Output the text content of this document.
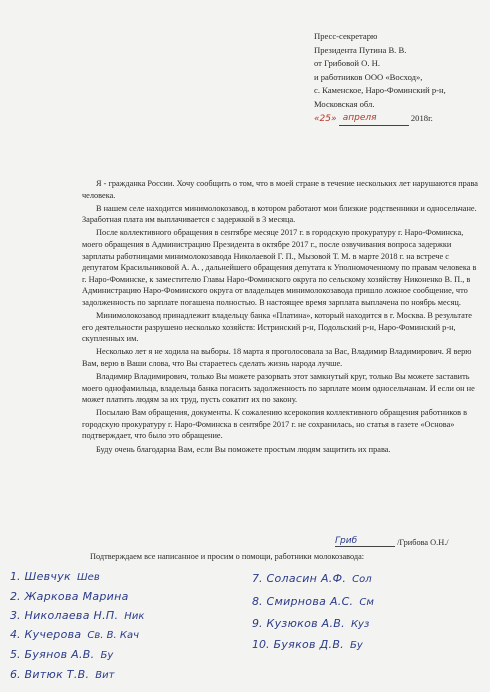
Пресс-секретарю
Президента Путина В. В.
от Грибовой О. Н.
и работников ООО «Восход»,
с. Каменское, Наро-Фоминский р-н,
Московская обл.
«25» апреля	2018г.

Я - гражданка России. Хочу сообщить о том, что в моей стране в течение нескольких лет нарушаются права человека.

В нашем селе находится минимолокозавод, в котором работают мои близкие родственники и односельчане. Заработная плата им выплачивается с задержкой в 3 месяца.

После коллективного обращения в сентябре месяце 2017 г. в городскую прокуратуру г. Наро-Фоминска, моего обращения в Администрацию Президента в октябре 2017 г., после озвучивания вопроса задержки зарплаты работницами минимолокозавода Николаевой Г. П., Мызовой Т. М. в марте 2018 г. на встрече с депутатом Красильниковой А. А. , дальнейшего обращения депутата к Уполномоченному по правам человека в г. Наро-Фоминске, к заместителю Главы Наро-Фоминского округа по сельскому хозяйству Никоненко В. П., в Администрацию Наро-Фоминского округа от владельцев минимолокозавода пришло ложное сообщение, что задолженность по зарплате погашена полностью. В настоящее время зарплата выплачена по ноябрь месяц.

Минимолокозавод принадлежит владельцу банка «Платина», который находится в г. Москва. В результате его деятельности разрушено несколько хозяйств: Истринский р-н, Подольский р-н, Наро-Фоминский р-н, скупленных им.

Несколько лет я не ходила на выборы. 18 марта я проголосовала за Вас, Владимир Владимирович. Я верю Вам, верю в Ваши слова, что Вы стараетесь сделать жизнь народа лучше.

Владимир Владимирович, только Вы можете разорвать этот замкнутый круг, только Вы можете заставить моего однофамильца, владельца банка погасить задолженность по зарплате моим односельчанам. И если он не может платить людям за их труд, пусть сокатит их по закону.

Посылаю Вам обращения, документы. К сожалению ксерокопия коллективного обращения работников в городскую прокуратуру г. Наро-Фоминска в сентябре 2017 г. не сохранилась, но статья в газете «Основа» подтверждает, что было это обращение.

Буду очень благодарна Вам, если Вы поможете простым людям защитить их права.

Гриб	/Грибова О.Н./
Подтверждаем все написанное и просим о помощи, работники молокозавода:
1. Шевчук Шев
2. Жаркова Марина
3. Николаева Н.П. Ник
4. Кучерова Св. В. Кач
5. Буянов А.В. Бу
6. Витюк Т.В. Вит
7. Соласин А.Ф. Сол
8. Смирнова А.С. См
9. Кузюков А.В. Куз
10. Буяков Д.В. Бу
